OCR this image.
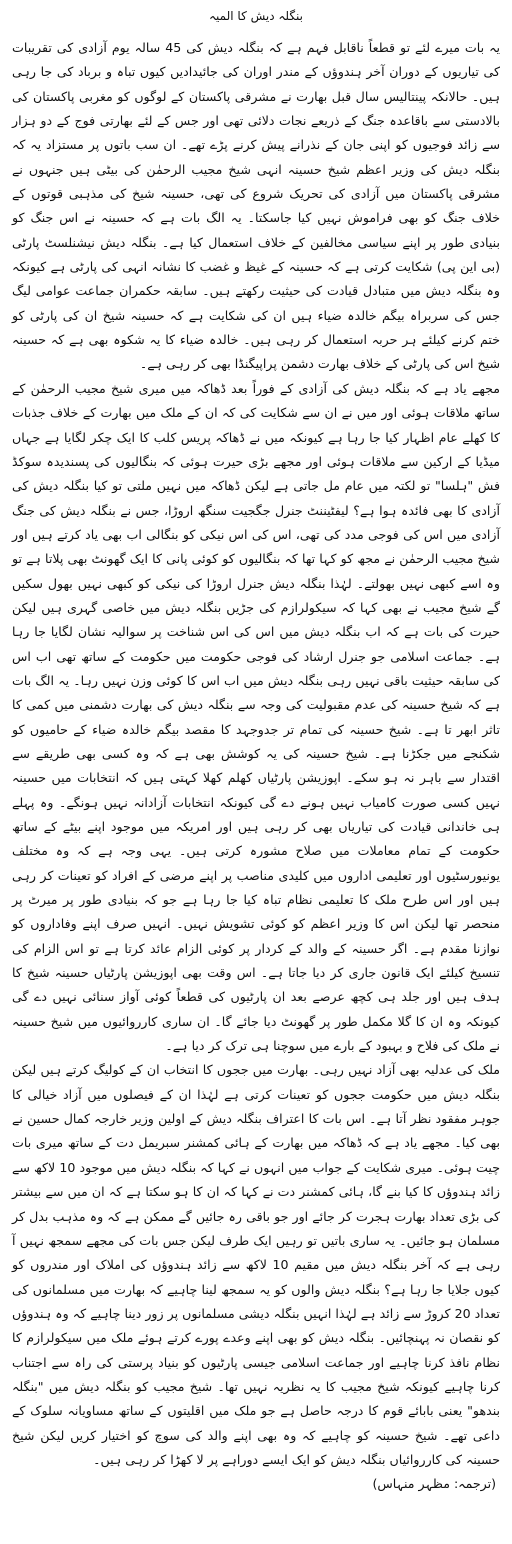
بنگلہ دیش کا المیہ

یہ بات میرے لئے تو قطعاً ناقابل فہم ہے کہ بنگلہ دیش کی 45 سالہ یوم آزادی کی تقریبات کی تیاریوں کے دوران آخر ہندوؤں کے مندر اوران کی جائیدادیں کیوں تباہ و برباد کی جا رہی ہیں۔ حالانکہ پینتالیس سال قبل بھارت نے مشرقی پاکستان کے لوگوں کو مغربی پاکستان کی بالادستی سے باقاعدہ جنگ کے ذریعے نجات دلائی تھی اور جس کے لئے بھارتی فوج کے دو ہزار سے زائد فوجیوں کو اپنی جان کے نذرانے پیش کرنے پڑے تھے۔ ان سب باتوں پر مستزاد یہ کہ بنگلہ دیش کی وزیر اعظم شیخ حسینہ انہی شیخ مجیب الرحمٰن کی بیٹی ہیں جنہوں نے مشرقی پاکستان میں آزادی کی تحریک شروع کی تھی، حسینہ شیخ کی مذہبی قوتوں کے خلاف جنگ کو بھی فراموش نہیں کیا جاسکتا۔ یہ الگ بات ہے کہ حسینہ نے اس جنگ کو بنیادی طور پر اپنے سیاسی مخالفین کے خلاف استعمال کیا ہے۔ بنگلہ دیش نیشنلسٹ پارٹی (بی این پی) شکایت کرتی ہے کہ حسینہ کے غیظ و غضب کا نشانہ انہی کی پارٹی ہے کیونکہ وہ بنگلہ دیش میں متبادل قیادت کی حیثیت رکھتے ہیں۔ سابقہ حکمران جماعت عوامی لیگ جس کی سربراہ بیگم خالدہ ضیاء ہیں ان کی شکایت ہے کہ حسینہ شیخ ان کی پارٹی کو ختم کرنے کیلئے ہر حربہ استعمال کر رہی ہیں۔ خالدہ ضیاء کا یہ شکوہ بھی ہے کہ حسینہ شیخ اس کی پارٹی کے خلاف بھارت دشمن پراپیگنڈا بھی کر رہی ہے۔

مجھے یاد ہے کہ بنگلہ دیش کی آزادی کے فوراً بعد ڈھاکہ میں میری شیخ مجیب الرحمٰن کے ساتھ ملاقات ہوئی اور میں نے ان سے شکایت کی کہ ان کے ملک میں بھارت کے خلاف جذبات کا کھلے عام اظہار کیا جا رہا ہے کیونکہ میں نے ڈھاکہ پریس کلب کا ایک چکر لگایا ہے جہاں میڈیا کے ارکین سے ملاقات ہوئی اور مجھے بڑی حیرت ہوئی کہ بنگالیوں کی پسندیدہ سوکڈ فش "ہلسا" تو لکتہ میں عام مل جاتی ہے لیکن ڈھاکہ میں نہیں ملتی تو کیا بنگلہ دیش کی آزادی کا بھی فائدہ ہوا ہے؟ لیفٹیننٹ جنرل جگجیت سنگھ اروڑا، جس نے بنگلہ دیش کی جنگ آزادی میں اس کی فوجی مدد کی تھی، اس کی اس نیکی کو بنگالی اب بھی یاد کرتے ہیں اور شیخ مجیب الرحمٰن نے مجھ کو کہا تھا کہ بنگالیوں کو کوئی پانی کا ایک گھونٹ بھی پلاتا ہے تو وہ اسے کبھی نہیں بھولتے۔ لہٰذا بنگلہ دیش جنرل اروڑا کی نیکی کو کبھی نہیں بھول سکیں گے شیخ مجیب نے بھی کہا کہ سیکولرازم کی جڑیں بنگلہ دیش میں خاصی گہری ہیں لیکن حیرت کی بات ہے کہ اب بنگلہ دیش میں اس کی اس شناخت پر سوالیہ نشان لگایا جا رہا ہے۔ جماعت اسلامی جو جنرل ارشاد کی فوجی حکومت میں حکومت کے ساتھ تھی اب اس کی سابقہ حیثیت باقی نہیں رہی بنگلہ دیش میں اب اس کا کوئی وزن نہیں رہا۔ یہ الگ بات ہے کہ شیخ حسینہ کی عدم مقبولیت کی وجہ سے بنگلہ دیش کی بھارت دشمنی میں کمی کا تاثر ابھر تا ہے۔ شیخ حسینہ کی تمام تر جدوجہد کا مقصد بیگم خالدہ ضیاء کے حامیوں کو شکنجے میں جکڑنا ہے۔ شیخ حسینہ کی یہ کوشش بھی ہے کہ وہ کسی بھی طریقے سے اقتدار سے باہر نہ ہو سکے۔ اپوزیشن پارٹیاں کھلم کھلا کہتی ہیں کہ انتخابات میں حسینہ نہیں کسی صورت کامیاب نہیں ہونے دے گی کیونکہ انتخابات آزادانہ نہیں ہونگے۔ وہ پہلے ہی خاندانی قیادت کی تیاریاں بھی کر رہی ہیں اور امریکہ میں موجود اپنے بیٹے کے ساتھ حکومت کے تمام معاملات میں صلاح مشورہ کرتی ہیں۔ یہی وجہ ہے کہ وہ مختلف یونیورسٹیوں اور تعلیمی اداروں میں کلیدی مناصب پر اپنے مرضی کے افراد کو تعینات کر رہی ہیں اور اس طرح ملک کا تعلیمی نظام تباہ کیا جا رہا ہے جو کہ بنیادی طور پر میرٹ پر منحصر تھا لیکن اس کا وزیر اعظم کو کوئی تشویش نہیں۔ انہیں صرف اپنے وفاداروں کو نوازنا مقدم ہے۔ اگر حسینہ کے والد کے کردار پر کوئی الزام عائد کرتا ہے تو اس الزام کی تنسیخ کیلئے ایک قانون جاری کر دیا جاتا ہے۔ اس وقت بھی اپوزیشن پارٹیاں حسینہ شیخ کا ہدف ہیں اور جلد ہی کچھ عرصے بعد ان پارٹیوں کی قطعاً کوئی آواز سنائی نہیں دے گی کیونکہ وہ ان کا گلا مکمل طور پر گھونٹ دیا جائے گا۔ ان ساری کارروائیوں میں شیخ حسینہ نے ملک کی فلاح و بہبود کے بارے میں سوچنا ہی ترک کر دیا ہے۔

ملک کی عدلیہ بھی آزاد نہیں رہی۔ بھارت میں ججوں کا انتخاب ان کے کولیگ کرتے ہیں لیکن بنگلہ دیش میں حکومت ججوں کو تعینات کرتی ہے لہٰذا ان کے فیصلوں میں آزاد خیالی کا جوہر مفقود نظر آتا ہے۔ اس بات کا اعتراف بنگلہ دیش کے اولین وزیر خارجہ کمال حسین نے بھی کیا۔ مجھے یاد ہے کہ ڈھاکہ میں بھارت کے ہائی کمشنر سبریمل دت کے ساتھ میری بات چیت ہوئی۔ میری شکایت کے جواب میں انہوں نے کہا کہ بنگلہ دیش میں موجود 10 لاکھ سے زائد ہندوؤں کا کیا بنے گا، ہائی کمشنر دت نے کہا کہ ان کا ہو سکتا ہے کہ ان میں سے بیشتر کی بڑی تعداد بھارت ہجرت کر جائے اور جو باقی رہ جائیں گے ممکن ہے کہ وہ مذہب بدل کر مسلمان ہو جائیں۔ یہ ساری باتیں تو رہیں ایک طرف لیکن جس بات کی مجھے سمجھ نہیں آ رہی ہے کہ آخر بنگلہ دیش میں مقیم 10 لاکھ سے زائد ہندوؤں کی املاک اور مندروں کو کیوں جلایا جا رہا ہے؟ بنگلہ دیش والوں کو یہ سمجھ لینا چاہیے کہ بھارت میں مسلمانوں کی تعداد 20 کروڑ سے زائد ہے لہٰذا انہیں بنگلہ دیشی مسلمانوں پر زور دینا چاہیے کہ وہ ہندوؤں کو نقصان نہ پہنچائیں۔ بنگلہ دیش کو بھی اپنے وعدے پورے کرتے ہوئے ملک میں سیکولرازم کا نظام نافذ کرنا چاہیے اور جماعت اسلامی جیسی پارٹیوں کو بنیاد پرستی کی راہ سے اجتناب کرنا چاہیے کیونکہ شیخ مجیب کا یہ نظریہ نہیں تھا۔ شیخ مجیب کو بنگلہ دیش میں "بنگلہ بندھو" یعنی بابائے قوم کا درجہ حاصل ہے جو ملک میں اقلیتوں کے ساتھ مساویانہ سلوک کے داعی تھے۔ شیخ حسینہ کو چاہیے کہ وہ بھی اپنے والد کی سوچ کو اختیار کریں لیکن شیخ حسینہ کی کارروائیاں بنگلہ دیش کو ایک ایسے دوراہے پر لا کھڑا کر رہی ہیں۔

(ترجمہ: مظہر منہاس)
